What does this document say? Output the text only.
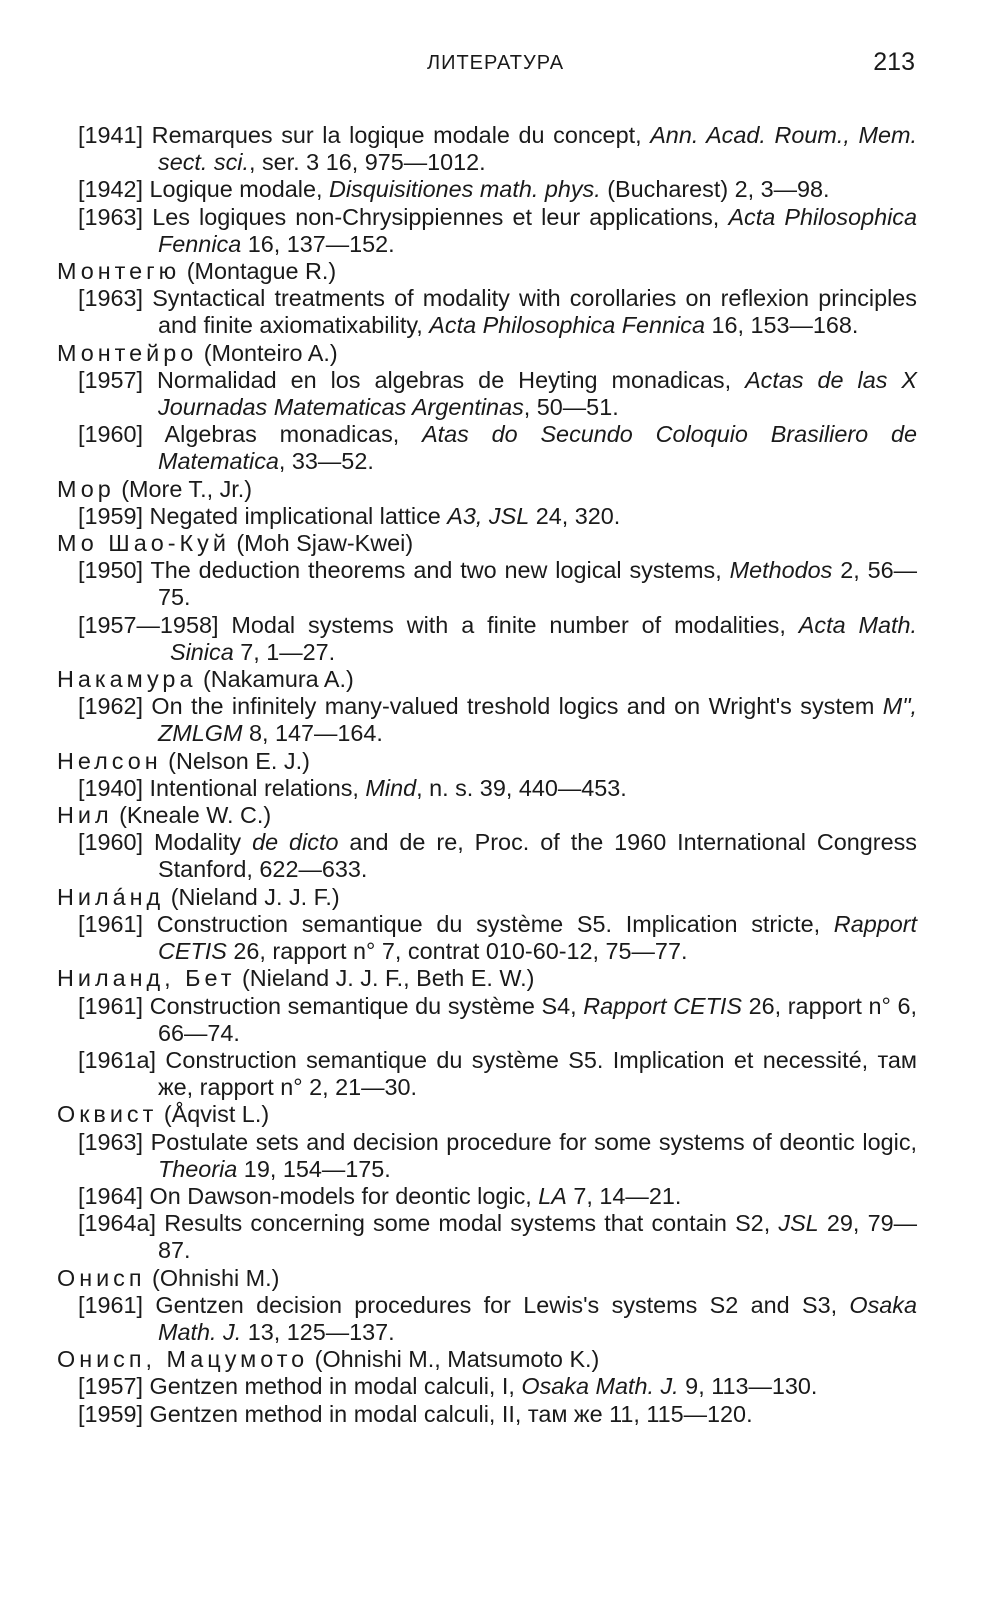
ЛИТЕРАТУРА	213

[1941] Remarques sur la logique modale du concept, Ann. Acad. Roum., Mem. sect. sci., ser. 3 16, 975—1012.

[1942] Logique modale, Disquisitiones math. phys. (Bucharest) 2, 3—98.

[1963] Les logiques non-Chrysippiennes et leur applications, Acta Philosophica Fennica 16, 137—152.

Монтегю (Montague R.)

[1963] Syntactical treatments of modality with corollaries on reflexion principles and finite axiomatixability, Acta Philosophica Fennica 16, 153—168.

Монтейро (Monteiro A.)

[1957] Normalidad en los algebras de Heyting monadicas, Actas de las X Journadas Matematicas Argentinas, 50—51.

[1960] Algebras monadicas, Atas do Secundo Coloquio Brasiliero de Matematica, 33—52.

Мор (More T., Jr.)

[1959] Negated implicational lattice A3, JSL 24, 320.

Мо Шао-Куй (Moh Sjaw-Kwei)

[1950] The deduction theorems and two new logical systems, Methodos 2, 56—75.

[1957—1958] Modal systems with a finite number of modalities, Acta Math. Sinica 7, 1—27.

Накамура (Nakamura A.)

[1962] On the infinitely many-valued treshold logics and on Wright's system M", ZMLGM 8, 147—164.

Нелсон (Nelson E. J.)

[1940] Intentional relations, Mind, n. s. 39, 440—453.

Нил (Kneale W. C.)

[1960] Modality de dicto and de re, Proc. of the 1960 International Congress Stanford, 622—633.

Нилáнд (Nieland J. J. F.)

[1961] Construction semantique du système S5. Implication stricte, Rapport CETIS 26, rapport n° 7, contrat 010-60-12, 75—77.

Ниланд, Бет (Nieland J. J. F., Beth E. W.)

[1961] Construction semantique du système S4, Rapport CETIS 26, rapport n° 6, 66—74.

[1961a] Construction semantique du système S5. Implication et necessité, там же, rapport n° 2, 21—30.

Оквист (Åqvist L.)

[1963] Postulate sets and decision procedure for some systems of deontic logic, Theoria 19, 154—175.

[1964] On Dawson-models for deontic logic, LA 7, 14—21.

[1964a] Results concerning some modal systems that contain S2, JSL 29, 79—87.

Онисп (Ohnishi M.)

[1961] Gentzen decision procedures for Lewis's systems S2 and S3, Osaka Math. J. 13, 125—137.

Онисп, Мацумото (Ohnishi M., Matsumoto K.)

[1957] Gentzen method in modal calculi, I, Osaka Math. J. 9, 113—130.

[1959] Gentzen method in modal calculi, II, там же 11, 115—120.
